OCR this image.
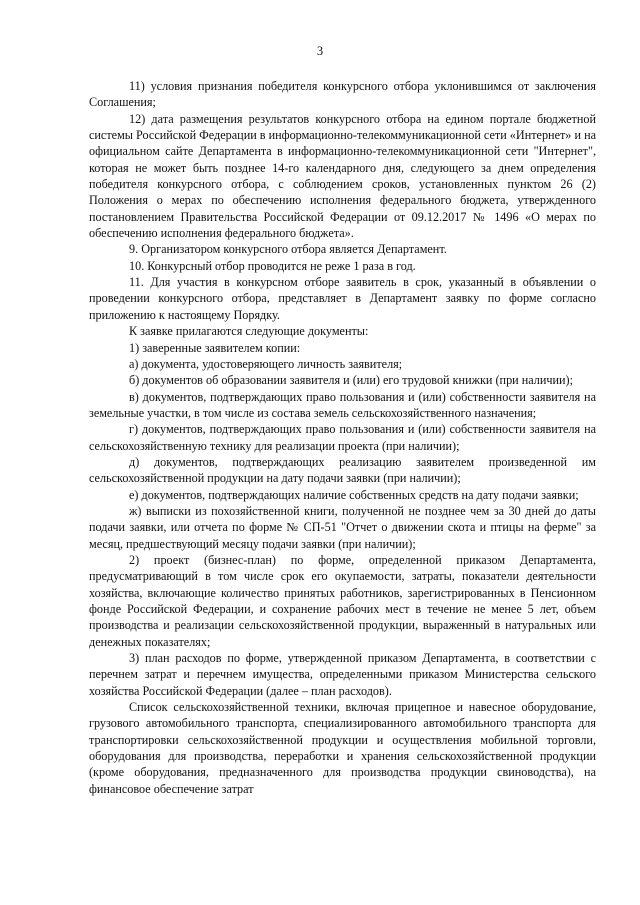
3

11) условия признания победителя конкурсного отбора уклонившимся от заключения Соглашения;

12) дата размещения результатов конкурсного отбора на едином портале бюджетной системы Российской Федерации в информационно-телекоммуникационной сети «Интернет» и на официальном сайте Департамента в информационно-телекоммуникационной сети "Интернет", которая не может быть позднее 14-го календарного дня, следующего за днем определения победителя конкурсного отбора, с соблюдением сроков, установленных пунктом 26 (2) Положения о мерах по обеспечению исполнения федерального бюджета, утвержденного постановлением Правительства Российской Федерации от 09.12.2017 № 1496 «О мерах по обеспечению исполнения федерального бюджета».

9. Организатором конкурсного отбора является Департамент.

10. Конкурсный отбор проводится не реже 1 раза в год.

11. Для участия в конкурсном отборе заявитель в срок, указанный в объявлении о проведении конкурсного отбора, представляет в Департамент заявку по форме согласно приложению к настоящему Порядку.

К заявке прилагаются следующие документы:

1) заверенные заявителем копии:

а) документа, удостоверяющего личность заявителя;

б) документов об образовании заявителя и (или) его трудовой книжки (при наличии);

в) документов, подтверждающих право пользования и (или) собственности заявителя на земельные участки, в том числе из состава земель сельскохозяйственного назначения;

г) документов, подтверждающих право пользования и (или) собственности заявителя на сельскохозяйственную технику для реализации проекта (при наличии);

д) документов, подтверждающих реализацию заявителем произведенной им сельскохозяйственной продукции на дату подачи заявки (при наличии);

е) документов, подтверждающих наличие собственных средств на дату подачи заявки;

ж) выписки из похозяйственной книги, полученной не позднее чем за 30 дней до даты подачи заявки, или отчета по форме № СП-51 "Отчет о движении скота и птицы на ферме" за месяц, предшествующий месяцу подачи заявки (при наличии);

2) проект (бизнес-план) по форме, определенной приказом Департамента, предусматривающий в том числе срок его окупаемости, затраты, показатели деятельности хозяйства, включающие количество принятых работников, зарегистрированных в Пенсионном фонде Российской Федерации, и сохранение рабочих мест в течение не менее 5 лет, объем производства и реализации сельскохозяйственной продукции, выраженный в натуральных или денежных показателях;

3) план расходов по форме, утвержденной приказом Департамента, в соответствии с перечнем затрат и перечнем имущества, определенными приказом Министерства сельского хозяйства Российской Федерации (далее – план расходов).

Список сельскохозяйственной техники, включая прицепное и навесное оборудование, грузового автомобильного транспорта, специализированного автомобильного транспорта для транспортировки сельскохозяйственной продукции и осуществления мобильной торговли, оборудования для производства, переработки и хранения сельскохозяйственной продукции (кроме оборудования, предназначенного для производства продукции свиноводства), на финансовое обеспечение затрат
